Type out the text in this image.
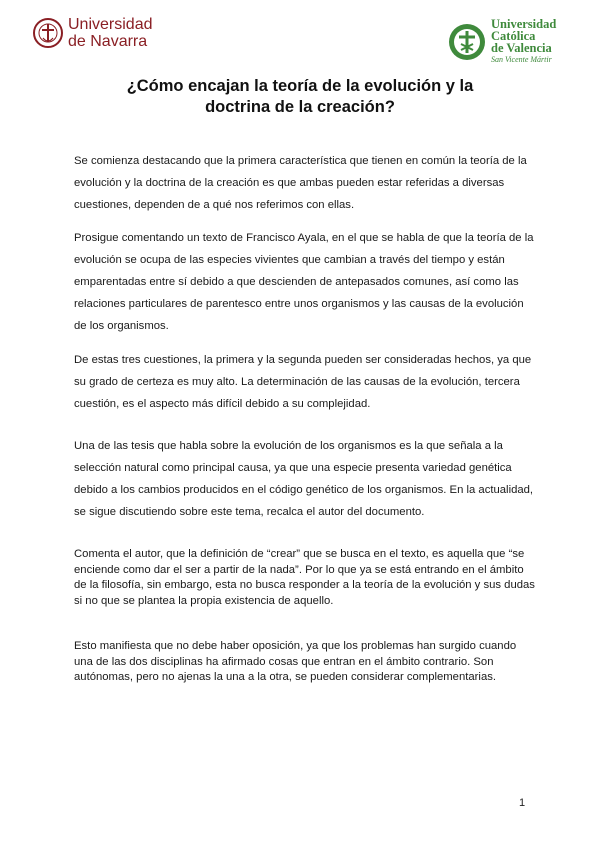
Universidad
de Navarra
Universidad
Católica
de Valencia
San Vicente Mártir
¿Cómo encajan la teoría de la evolución y la
doctrina de la creación?

Se comienza destacando que la primera característica que tienen en común la teoría de la evolución y la doctrina de la creación es que ambas pueden estar referidas a diversas cuestiones, dependen de a qué nos referimos con ellas.

Prosigue comentando un texto de Francisco Ayala, en el que se habla de que la teoría de la evolución se ocupa de las especies vivientes que cambian a través del tiempo y están emparentadas entre sí debido a que descienden de antepasados comunes, así como las relaciones particulares de parentesco entre unos organismos y las causas de la evolución de los organismos.

De estas tres cuestiones, la primera y la segunda pueden ser consideradas hechos, ya que su grado de certeza es muy alto. La determinación de las causas de la evolución, tercera cuestión, es el aspecto más difícil debido a su complejidad.

Una de las tesis que habla sobre la evolución de los organismos es la que señala a la selección natural como principal causa, ya que una especie presenta variedad genética debido a los cambios producidos en el código genético de los organismos. En la actualidad, se sigue discutiendo sobre este tema, recalca el autor del documento.

Comenta el autor, que la definición de “crear” que se busca en el texto, es aquella que “se enciende como dar el ser a partir de la nada”. Por lo que ya se está entrando en el ámbito de la filosofía, sin embargo, esta no busca responder a la teoría de la evolución y sus dudas si no que se plantea la propia existencia de aquello.

Esto manifiesta que no debe haber oposición, ya que los problemas han surgido cuando una de las dos disciplinas ha afirmado cosas que entran en el ámbito contrario. Son autónomas, pero no ajenas la una a la otra, se pueden considerar complementarias.

1
